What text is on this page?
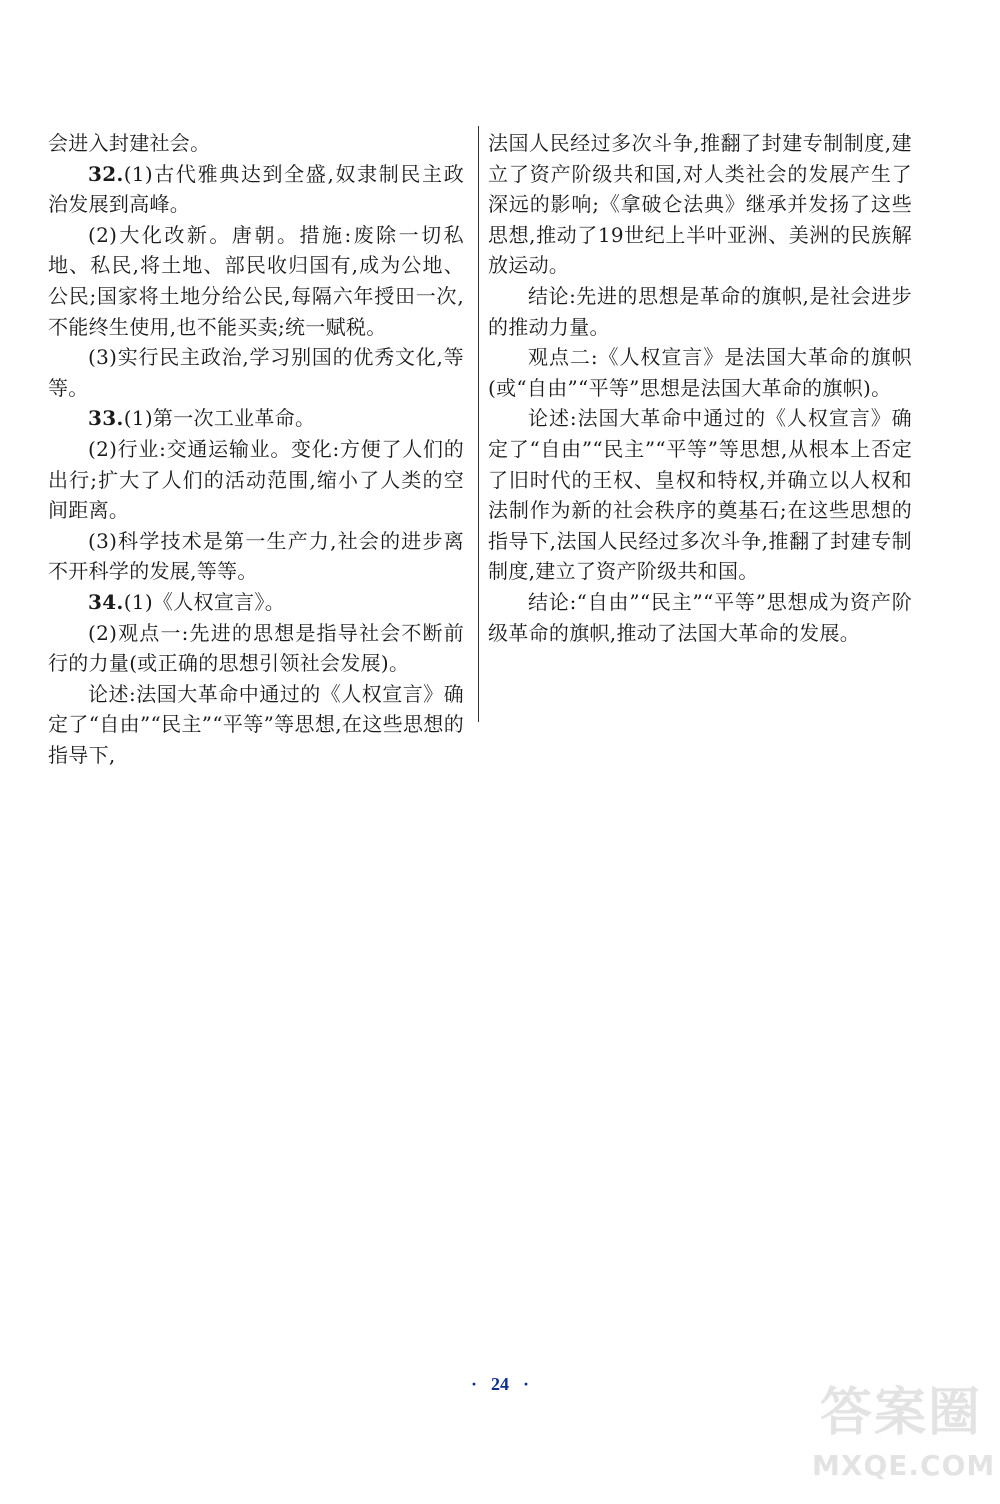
会进入封建社会。

32.(1)古代雅典达到全盛,奴隶制民主政治发展到高峰。

(2)大化改新。唐朝。措施:废除一切私地、私民,将土地、部民收归国有,成为公地、公民;国家将土地分给公民,每隔六年授田一次,不能终生使用,也不能买卖;统一赋税。

(3)实行民主政治,学习别国的优秀文化,等等。

33.(1)第一次工业革命。

(2)行业:交通运输业。变化:方便了人们的出行;扩大了人们的活动范围,缩小了人类的空间距离。

(3)科学技术是第一生产力,社会的进步离不开科学的发展,等等。

34.(1)《人权宣言》。

(2)观点一:先进的思想是指导社会不断前行的力量(或正确的思想引领社会发展)。

论述:法国大革命中通过的《人权宣言》确定了“自由”“民主”“平等”等思想,在这些思想的指导下,

法国人民经过多次斗争,推翻了封建专制制度,建立了资产阶级共和国,对人类社会的发展产生了深远的影响;《拿破仑法典》继承并发扬了这些思想,推动了19世纪上半叶亚洲、美洲的民族解放运动。

结论:先进的思想是革命的旗帜,是社会进步的推动力量。

观点二:《人权宣言》是法国大革命的旗帜(或“自由”“平等”思想是法国大革命的旗帜)。

论述:法国大革命中通过的《人权宣言》确定了“自由”“民主”“平等”等思想,从根本上否定了旧时代的王权、皇权和特权,并确立以人权和法制作为新的社会秩序的奠基石;在这些思想的指导下,法国人民经过多次斗争,推翻了封建专制制度,建立了资产阶级共和国。

结论:“自由”“民主”“平等”思想成为资产阶级革命的旗帜,推动了法国大革命的发展。

· 24 ·	答案圈
MXQE.COM
